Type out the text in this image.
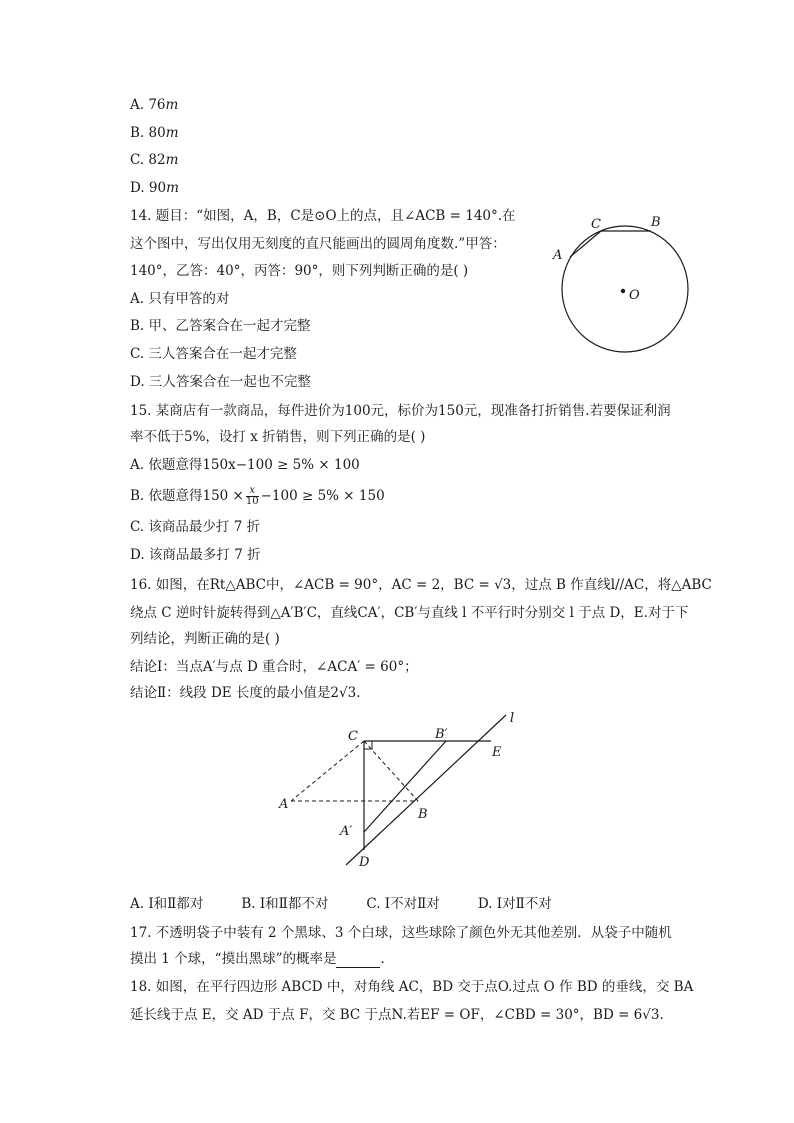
A. 76m
B. 80m
C. 82m
D. 90m
14. 题目：“如图，A，B，C是⊙O上的点，且∠ACB = 140°.在
这个图中，写出仅用无刻度的直尺能画出的圆周角度数.”甲答：
140°，乙答：40°，丙答：90°，则下列判断正确的是( )
A. 只有甲答的对
B. 甲、乙答案合在一起才完整
C. 三人答案合在一起才完整
D. 三人答案合在一起也不完整
C	B
A
O
15. 某商店有一款商品，每件进价为100元，标价为150元，现准备打折销售.若要保证利润
率不低于5%，设打 x 折销售，则下列正确的是( )
A. 依题意得150x−100 ≥ 5% × 100
B. 依题意得$150 \times \frac{x}{10} -100 \ge 5\% \times 150$
C. 该商品最少打 7 折
D. 该商品最多打 7 折
16. 如图，在Rt△ABC中，∠ACB = 90°，AC = 2，BC = √3，过点 B 作直线l//AC，将△ABC
绕点 C 逆时针旋转得到△A′B′C，直线CA′，CB′与直线 l 不平行时分别交 l 于点 D，E.对于下
列结论，判断正确的是( )
结论Ⅰ：当点A′与点 D 重合时，∠ACA′ = 60°；
结论Ⅱ：线段 DE 长度的最小值是2√3.
l
C	B′
E
A
B
A′
D
A. Ⅰ和Ⅱ都对	B. Ⅰ和Ⅱ都不对	C. Ⅰ不对Ⅱ对	D. Ⅰ对Ⅱ不对
17. 不透明袋子中装有 2 个黑球、3 个白球，这些球除了颜色外无其他差别．从袋子中随机
摸出 1 个球，“摸出黑球”的概率是	.
18. 如图，在平行四边形 ABCD 中，对角线 AC，BD 交于点O.过点 O 作 BD 的垂线，交 BA
延长线于点 E，交 AD 于点 F，交 BC 于点N.若EF = OF，∠CBD = 30°，BD = 6√3.
